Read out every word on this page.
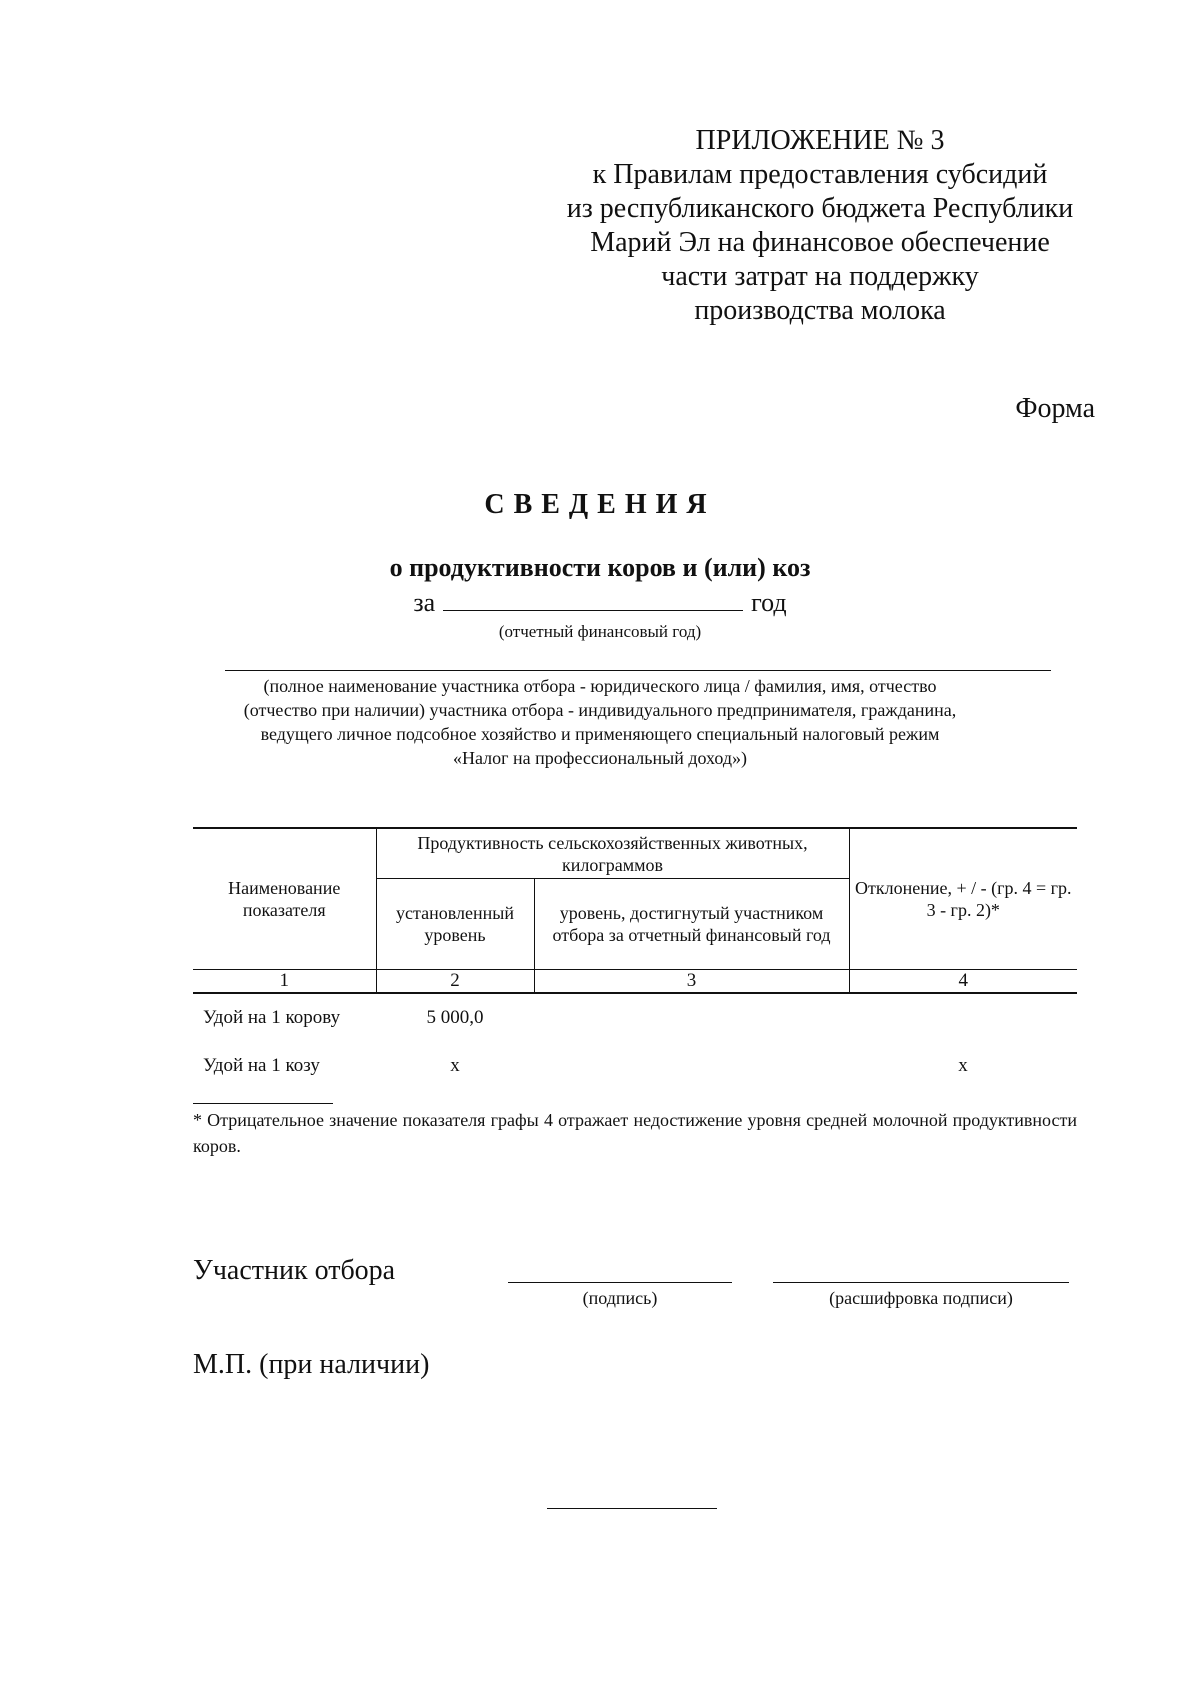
ПРИЛОЖЕНИЕ № 3
к Правилам предоставления субсидий
из республиканского бюджета Республики
Марий Эл на финансовое обеспечение
части затрат на поддержку
производства молока
Форма
СВЕДЕНИЯ
о продуктивности коров и (или) коз
за	год
(отчетный финансовый год)
(полное наименование участника отбора - юридического лица / фамилия, имя, отчество
(отчество при наличии) участника отбора - индивидуального предпринимателя, гражданина,
ведущего личное подсобное хозяйство и применяющего специальный налоговый режим
«Налог на профессиональный доход»)
Наименование показателя	Продуктивность сельскохозяйственных животных, килограммов		Отклонение, + / - (гр. 4 = гр. 3 - гр. 2)*
	установленный уровень	уровень, достигнутый участником отбора за отчетный финансовый год	
1	2	3	4
Удой на 1 корову	5 000,0		
Удой на 1 козу	x		x
* Отрицательное значение показателя графы 4 отражает недостижение уровня средней молочной продуктивности коров.
Участник отбора
(подпись)	(расшифровка подписи)
М.П. (при наличии)
